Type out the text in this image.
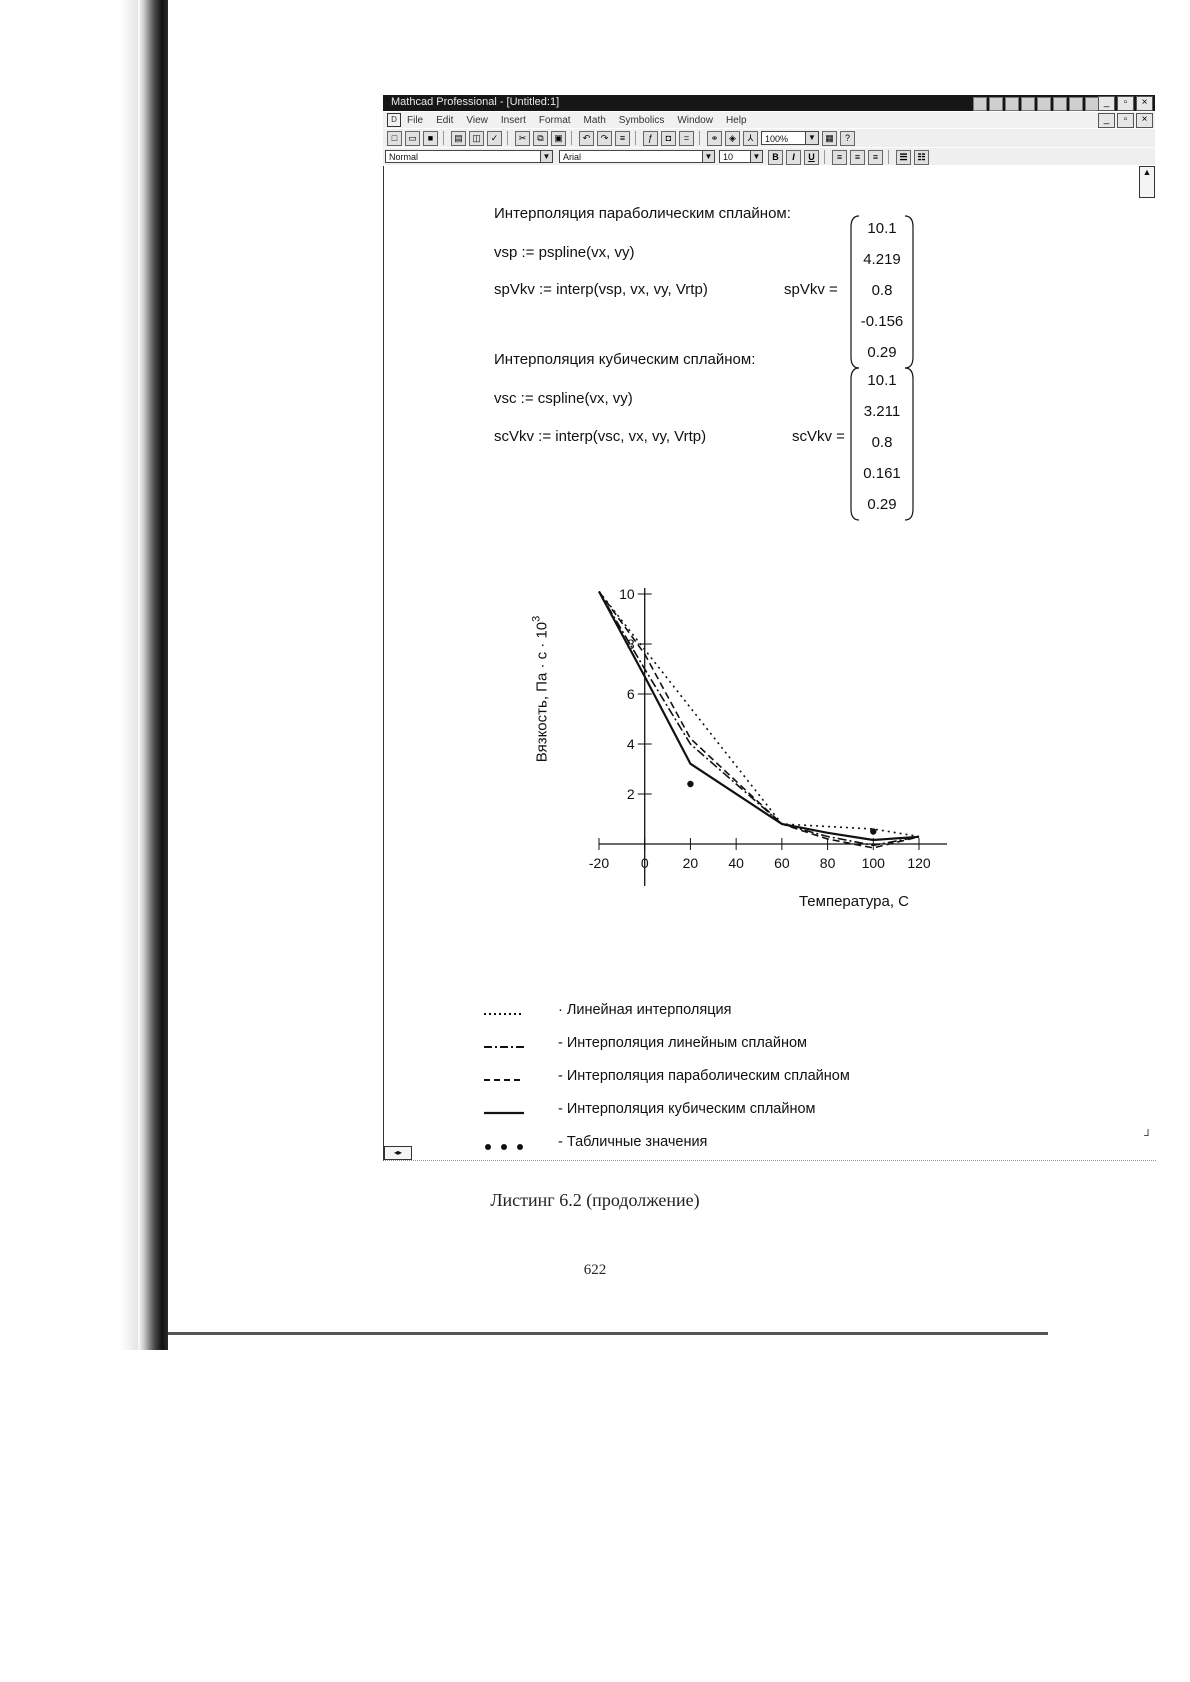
Mathcad Professional - [Untitled:1]	_	▫	×
D	File Edit View Insert Format Math Symbolics Window Help	_	▫	×
□	▭	■	▤	◫	✓	✂	⧉	▣	↶	↷	≡	ƒ	◘	=	⚭	◈	⅄	100%	▼	▦	?
Normal	▼	Arial	▼	10	▼	B	I	U	≡	≡	≡	☰	☷
Интерполяция параболическим сплайном:
vsp := pspline(vx, vy)
spVkv := interp(vsp, vx, vy, Vrtp)	spVkv =
10.1
4.219
0.8
-0.156
0.29
Интерполяция кубическим сплайном:
vsc := cspline(vx, vy)
scVkv := interp(vsc, vx, vy, Vrtp)	scVkv =
10.1
3.211
0.8
0.161
0.29
-20 0 20 40 60 80 100 120
2
4
6
8
10
Температура, С
Вязкость, Па · $с \cdot 10^3$
· Линейная интерполяция
- Интерполяция линейным сплайном
- Интерполяция параболическим сплайном
- Интерполяция кубическим сплайном
- Табличные значения
◂▸
┘
▲
Листинг 6.2 (продолжение)
622
